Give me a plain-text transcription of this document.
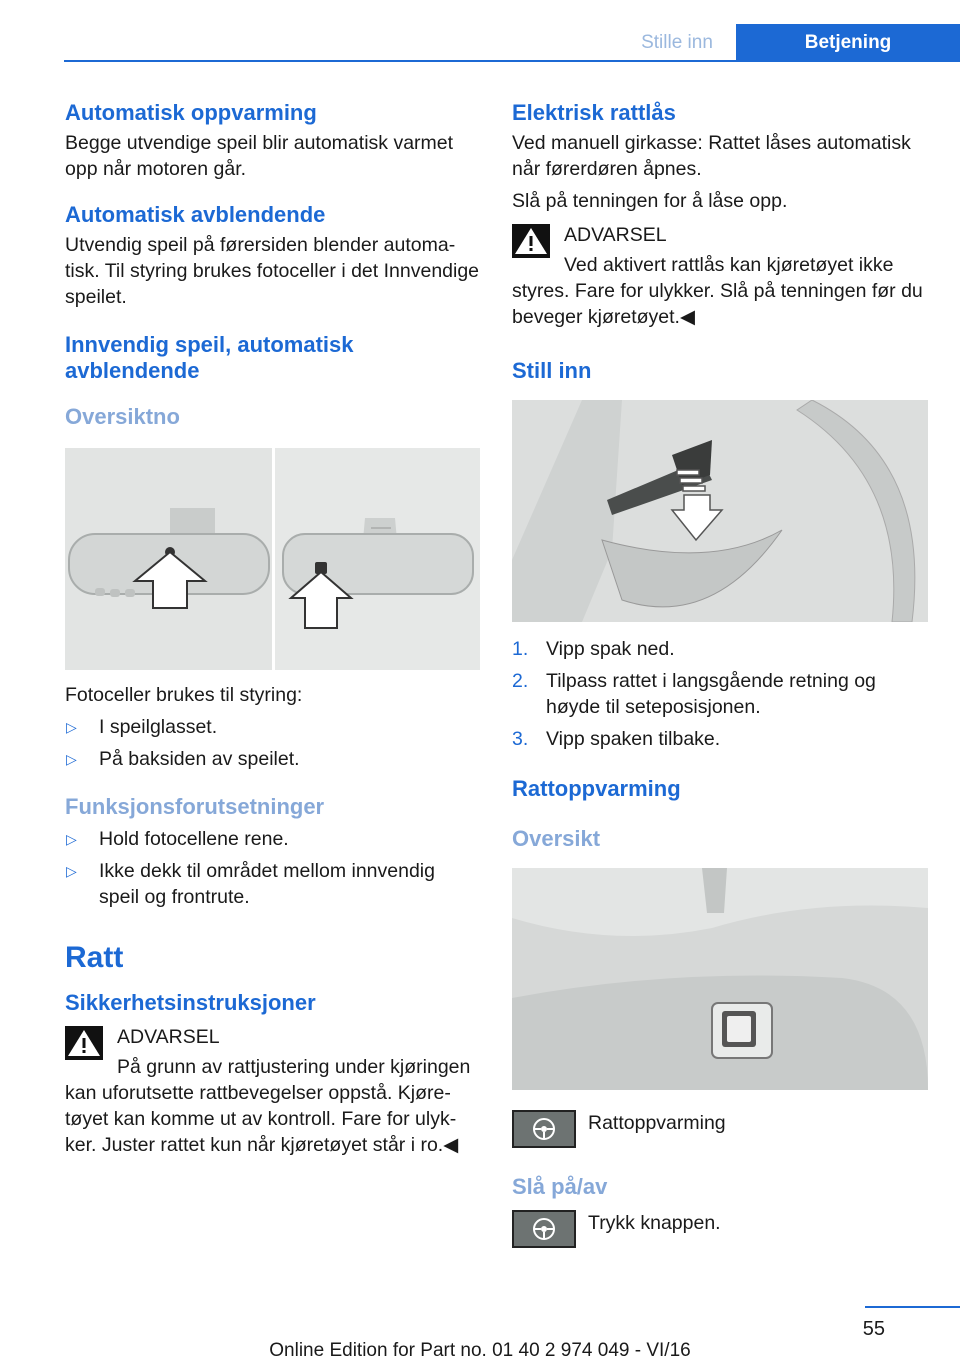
Stille inn	Betjening
Automatisk oppvarming

Begge utvendige speil blir automatisk varmet opp når motoren går.

Automatisk avblendende

Utvendig speil på førersiden blender automatisk. Til styring brukes fotoceller i det Innvendige speilet.

Innvendig speil, automatisk avblendende
Oversiktno

Fotoceller brukes til styring:

▷ I speilglasset.
▷ På baksiden av speilet.
Funksjonsforutsetninger
▷ Hold fotocellene rene.
▷ Ikke dekk til området mellom innvendig speil og frontrute.
Ratt
Sikkerhetsinstruksjoner
ADVARSEL

På grunn av rattjustering under kjøringen kan uforutsette rattbevegelser oppstå. Kjøretøyet kan komme ut av kontroll. Fare for ulykker. Juster rattet kun når kjøretøyet står i ro.◀

Elektrisk rattlås

Ved manuell girkasse: Rattet låses automatisk når førerdøren åpnes.

Slå på tenningen for å låse opp.

ADVARSEL

Ved aktivert rattlås kan kjøretøyet ikke styres. Fare for ulykker. Slå på tenningen før du beveger kjøretøyet.◀

Still inn
1. Vipp spak ned.
2. Tilpass rattet i langsgående retning og høyde til seteposisjonen.
3. Vipp spaken tilbake.
Rattoppvarming
Oversikt
Rattoppvarming
Slå på/av
Trykk knappen.
55
Online Edition for Part no. 01 40 2 974 049 - VI/16
